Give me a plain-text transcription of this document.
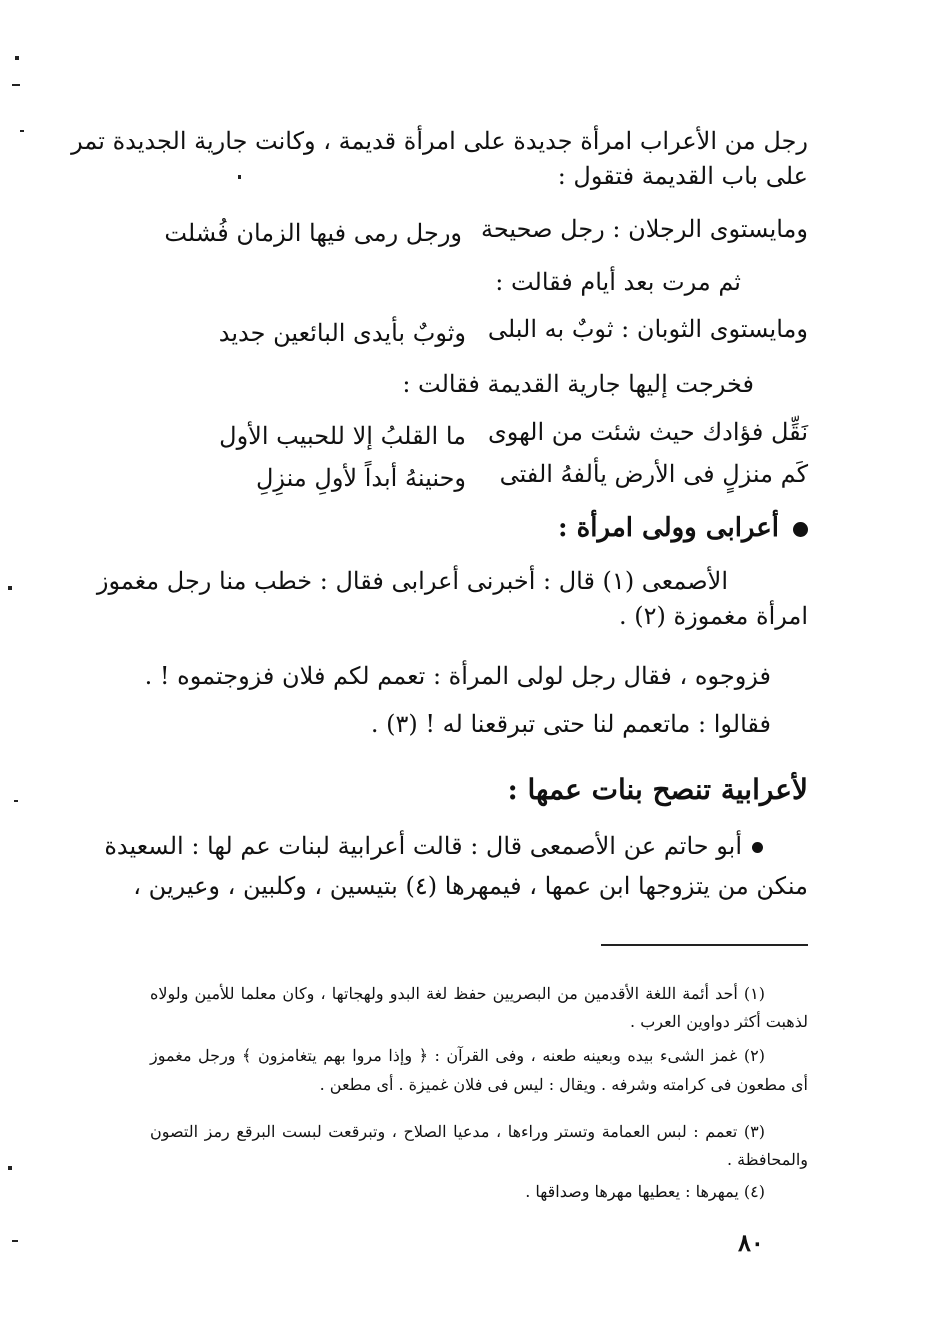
رجل من الأعراب امرأة جديدة على امرأة قديمة ، وكانت جارية الجديدة تمر
على باب القديمة فتقول :
ومايستوى الرجلان : رجل صحيحة
ورجل رمى فيها الزمان فُشلت
ثم مرت بعد أيام فقالت :
ومايستوى الثوبان : ثوبٌ به البلى
وثوبٌ بأيدى البائعين جديد
فخرجت إليها جارية القديمة فقالت :
نَقِّل فؤادك حيث شئت من الهوى
ما القلبُ إلا للحبيب الأول
كَم منزلٍ فى الأرض يألفهُ الفتى
وحنينهُ أبداً لأولِ منزِلِ
أعرابى وولى امرأة :
الأصمعى (١) قال : أخبرنى أعرابى فقال : خطب منا رجل مغموز
امرأة مغموزة (٢) .
فزوجوه ، فقال رجل لولى المرأة : تعمم لكم فلان فزوجتموه ! .
فقالوا : ماتعمم لنا حتى تبرقعنا له ! (٣) .
لأعرابية تنصح بنات عمها :
أبو حاتم عن الأصمعى قال : قالت أعرابية لبنات عم لها : السعيدة
منكن من يتزوجها ابن عمها ، فيمهرها (٤) بتيسين ، وكلبين ، وعيرين ،
(١) أحد أئمة اللغة الأقدمين من البصريين حفظ لغة البدو ولهجاتها ، وكان معلما للأمين ولولاه
لذهبت أكثر دواوين العرب .
(٢) غمز الشىء بيده وبعينه طعنه ، وفى القرآن : ﴿ وإذا مروا بهم يتغامزون ﴾ ورجل مغموز
أى مطعون فى كرامته وشرفه . ويقال : ليس فى فلان غميزة . أى مطعن .
(٣) تعمم : لبس العمامة وتستر وراءها ، مدعيا الصلاح ، وتبرقعت لبست البرقع رمز التصون
والمحافظة .
(٤) يمهرها : يعطيها مهرها وصداقها .
٨٠
